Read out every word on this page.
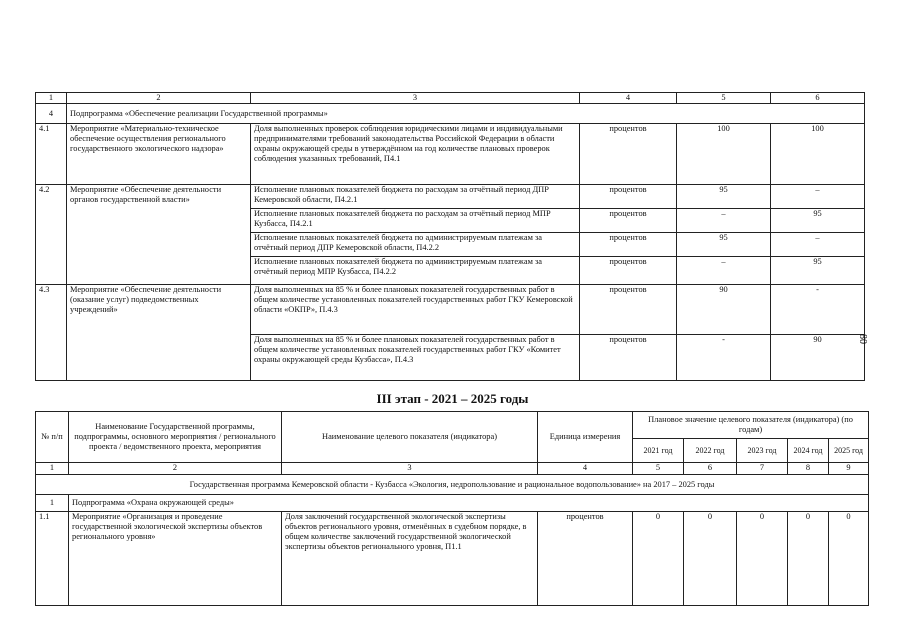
1	2	3	4	5	6
4	Подпрограмма «Обеспечение реализации Государственной программы»				
4.1	Мероприятие «Материально-техническое обеспечение осуществления регионального государственного экологического надзора»	Доля выполненных проверок соблюдения юридическими лицами и индивидуальными предпринимателями требований законодательства Российской Федерации в области охраны окружающей среды в утверждённом на год количестве плановых проверок соблюдения указанных требований, П4.1	процентов	100	100
4.2	Мероприятие «Обеспечение деятельности органов государственной власти»	Исполнение плановых показателей бюджета по расходам за отчётный период ДПР Кемеровской области, П4.2.1	процентов	95	–
		Исполнение плановых показателей бюджета по расходам за отчётный период МПР Кузбасса, П4.2.1	процентов	–	95
		Исполнение плановых показателей бюджета по администрируемым платежам за отчётный период ДПР Кемеровской области, П4.2.2	процентов	95	–
		Исполнение плановых показателей бюджета по администрируемым платежам за отчётный период МПР Кузбасса, П4.2.2	процентов	–	95
4.3	Мероприятие «Обеспечение деятельности (оказание услуг) подведомственных учреждений»	Доля выполненных на 85 % и более плановых показателей государственных работ в общем количестве установленных показателей государственных работ ГКУ Кемеровской области «ОКПР», П.4.3	процентов	90	-
		Доля выполненных на 85 % и более плановых показателей государственных работ в общем количестве установленных показателей государственных работ ГКУ «Комитет охраны окружающей среды Кузбасса», П.4.3	процентов	-	90	80
III этап - 2021 – 2025 годы
№ п/п	Наименование Государственной программы, подпрограммы, основного мероприятия / регионального проекта / ведомственного проекта, мероприятия	Наименование целевого показателя (индикатора)	Единица измерения	Плановое значение целевого показателя (индикатора) (по годам)				
				2021 год	2022 год	2023 год	2024 год	2025 год
1	2	3	4	5	6	7	8	9
Государственная программа Кемеровской области - Кузбасса «Экология, недропользование и рациональное водопользование» на 2017 – 2025 годы								
1	Подпрограмма «Охрана окружающей среды»							
1.1	Мероприятие «Организация и проведение государственной экологической экспертизы объектов регионального уровня»	Доля заключений государственной экологической экспертизы объектов регионального уровня, отменённых в судебном порядке, в общем количестве заключений государственной экологической экспертизы объектов регионального уровня, П1.1	процентов	0	0	0	0	0
